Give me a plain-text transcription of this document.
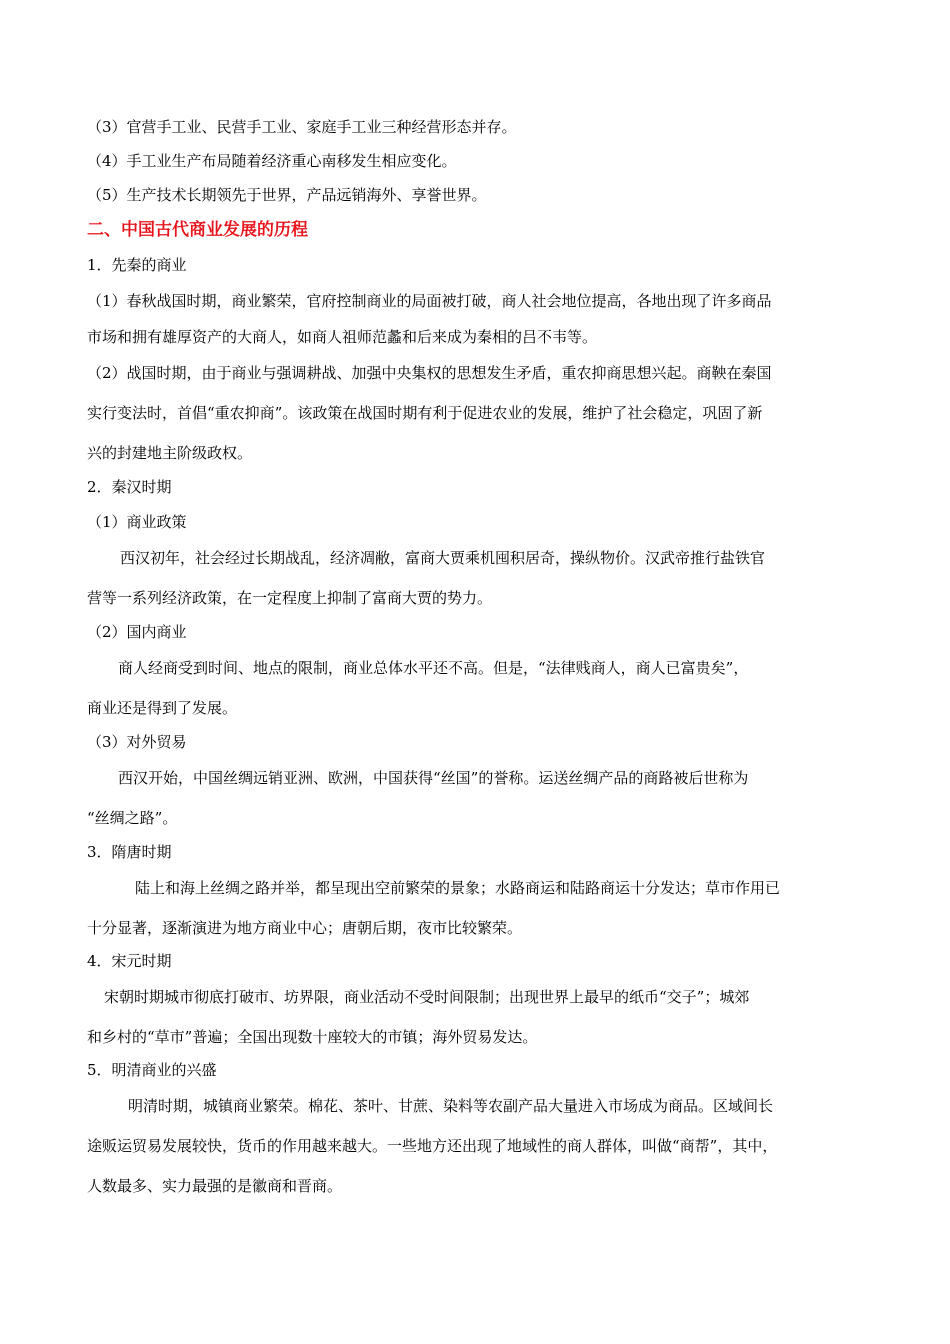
（3）官营手工业、民营手工业、家庭手工业三种经营形态并存。
（4）手工业生产布局随着经济重心南移发生相应变化。
（5）生产技术长期领先于世界，产品远销海外、享誉世界。
二、中国古代商业发展的历程
1．先秦的商业
（1）春秋战国时期，商业繁荣，官府控制商业的局面被打破，商人社会地位提高，各地出现了许多商品
市场和拥有雄厚资产的大商人，如商人祖师范蠡和后来成为秦相的吕不韦等。
（2）战国时期，由于商业与强调耕战、加强中央集权的思想发生矛盾，重农抑商思想兴起。商鞅在秦国
实行变法时，首倡“重农抑商”。该政策在战国时期有利于促进农业的发展，维护了社会稳定，巩固了新
兴的封建地主阶级政权。
2．秦汉时期
（1）商业政策
西汉初年，社会经过长期战乱，经济凋敝，富商大贾乘机囤积居奇，操纵物价。汉武帝推行盐铁官
营等一系列经济政策，在一定程度上抑制了富商大贾的势力。
（2）国内商业
商人经商受到时间、地点的限制，商业总体水平还不高。但是，“法律贱商人，商人已富贵矣”，
商业还是得到了发展。
（3）对外贸易
西汉开始，中国丝绸远销亚洲、欧洲，中国获得“丝国”的誉称。运送丝绸产品的商路被后世称为
“丝绸之路”。
3．隋唐时期
陆上和海上丝绸之路并举，都呈现出空前繁荣的景象；水路商运和陆路商运十分发达；草市作用已
十分显著，逐渐演进为地方商业中心；唐朝后期，夜市比较繁荣。
4．宋元时期
宋朝时期城市彻底打破市、坊界限，商业活动不受时间限制；出现世界上最早的纸币“交子”；城郊
和乡村的“草市”普遍；全国出现数十座较大的市镇；海外贸易发达。
5．明清商业的兴盛
明清时期，城镇商业繁荣。棉花、茶叶、甘蔗、染料等农副产品大量进入市场成为商品。区域间长
途贩运贸易发展较快，货币的作用越来越大。一些地方还出现了地域性的商人群体，叫做“商帮”，其中，
人数最多、实力最强的是徽商和晋商。
